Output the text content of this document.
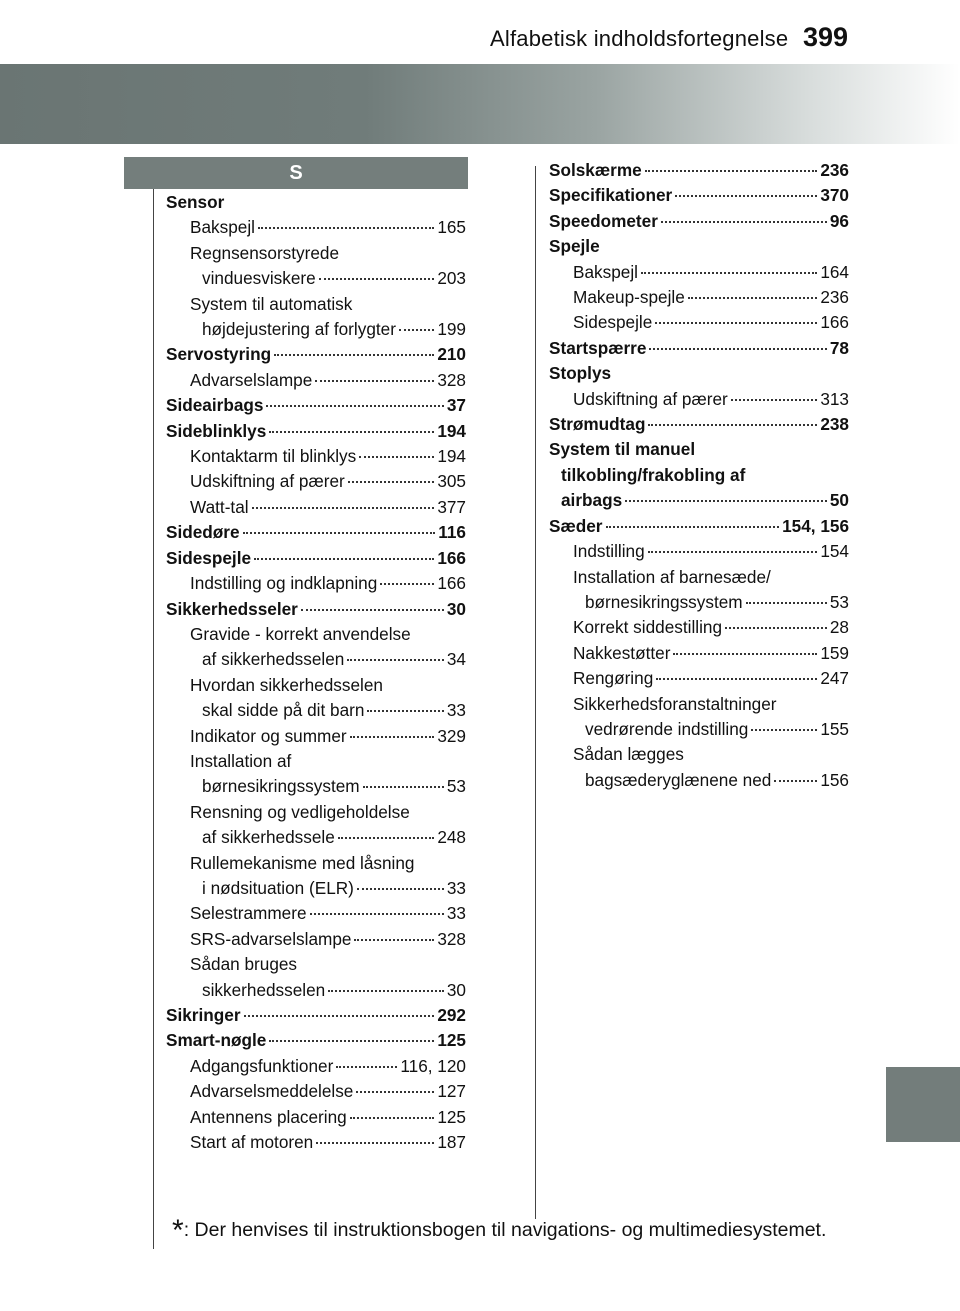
Alfabetisk indholdsfortegnelse 399
S
Sensor
Bakspejl	165
Regnsensorstyrede
vinduesviskere	203
System til automatisk
højdejustering af forlygter 199
Servostyring	210
Advarselslampe	328
Sideairbags	37
Sideblinklys	194
Kontaktarm til blinklys	194
Udskiftning af pærer	305
Watt-tal	377
Sidedøre	116
Sidespejle	166
Indstilling og indklapning	166
Sikkerhedsseler	30
Gravide - korrekt anvendelse
af sikkerhedsselen	34
Hvordan sikkerhedsselen
skal sidde på dit barn	33
Indikator og summer	329
Installation af
børnesikringssystem	53
Rensning og vedligeholdelse
af sikkerhedssele	248
Rullemekanisme med låsning
i nødsituation (ELR)	33
Selestrammere	33
SRS-advarselslampe	328
Sådan bruges
sikkerhedsselen	30
Sikringer	292
Smart-nøgle	125
Adgangsfunktioner	116, 120
Advarselsmeddelelse	127
Antennens placering	125
Start af motoren	187
Solskærme	236
Specifikationer	370
Speedometer	96
Spejle
Bakspejl	164
Makeup-spejle	236
Sidespejle	166
Startspærre	78
Stoplys
Udskiftning af pærer	313
Strømudtag	238
System til manuel
tilkobling/frakobling af
airbags	50
Sæder	154, 156
Indstilling	154
Installation af barnesæde/
børnesikringssystem	53
Korrekt siddestilling	28
Nakkestøtter	159
Rengøring	247
Sikkerhedsforanstaltninger
vedrørende indstilling	155
Sådan lægges
bagsæderyglænene ned	156
*: Der henvises til instruktionsbogen til navigations- og multimediesystemet.
